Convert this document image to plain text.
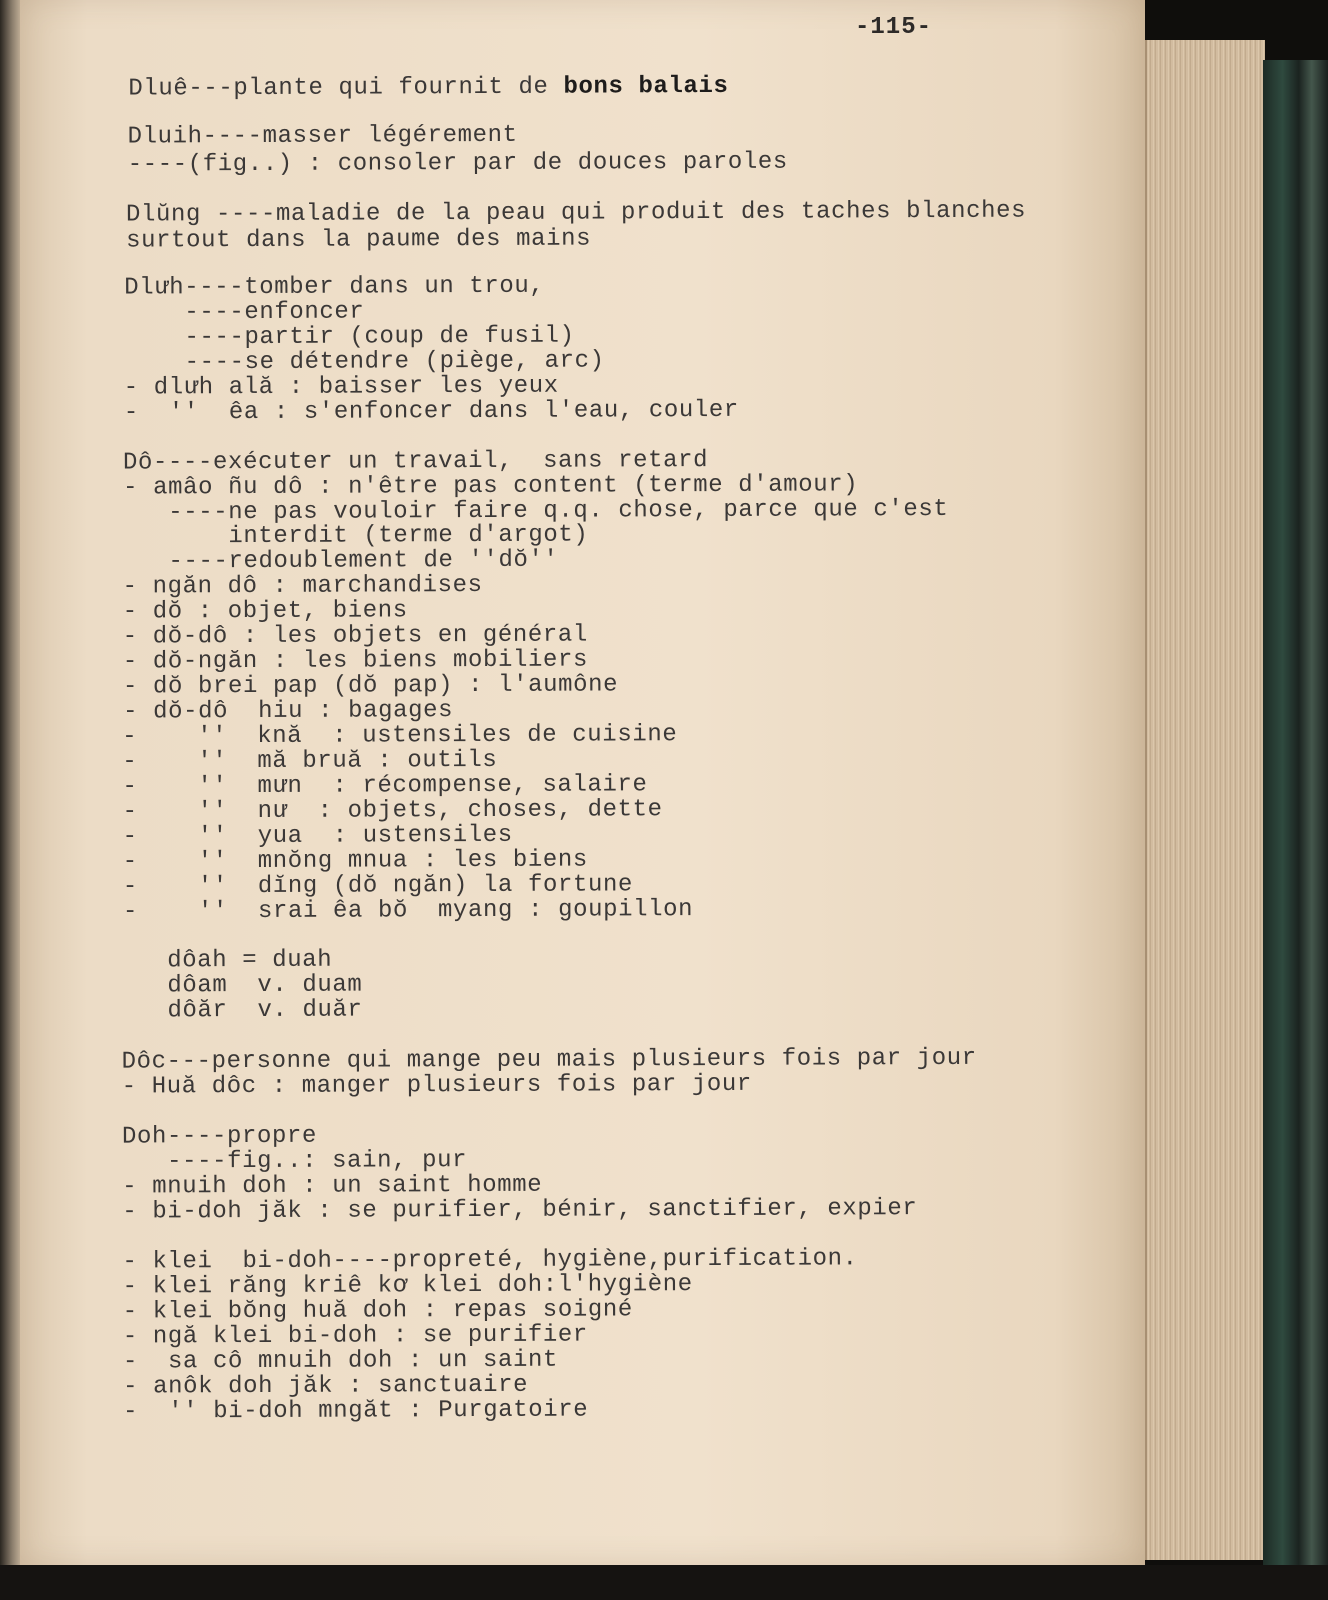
-115-
Dluê---plante qui fournit de bons balais
Dluih----masser légérement
----(fig..) : consoler par de douces paroles
Dlŭng ----maladie de la peau qui produit des taches blanches
surtout dans la paume des mains
Dlưh----tomber dans un trou,
----enfoncer
----partir (coup de fusil)
----se détendre (piège, arc)
- dlưh ală : baisser les yeux
-  ''  êa : s'enfoncer dans l'eau, couler
Dô----exécuter un travail,  sans retard
- amâo ñu dô : n'être pas content (terme d'amour)
----ne pas vouloir faire q.q. chose, parce que c'est
interdit (terme d'argot)
----redoublement de ''dŏ''
- ngăn dô : marchandises
- dŏ : objet, biens
- dŏ-dô : les objets en général
- dŏ-ngăn : les biens mobiliers
- dŏ brei pap (dŏ pap) : l'aumône
- dŏ-dô  hiu : bagages
-    ''  knă  : ustensiles de cuisine
-    ''  mă bruă : outils
-    ''  mưn  : récompense, salaire
-    ''  nư  : objets, choses, dette
-    ''  yua  : ustensiles
-    ''  mnŏng mnua : les biens
-    ''  dĭng (dŏ ngăn) la fortune
-    ''  srai êa bŏ  myang : goupillon
dôah = duah
dôam  v. duam
dôăr  v. duăr
Dôc---personne qui mange peu mais plusieurs fois par jour
- Huă dôc : manger plusieurs fois par jour
Doh----propre
----fig..: sain, pur
- mnuih doh : un saint homme
- bi-doh jăk : se purifier, bénir, sanctifier, expier
- klei  bi-doh----propreté, hygiène,purification.
- klei răng kriê kơ klei doh:l'hygiène
- klei bŏng huă doh : repas soigné
- ngă klei bi-doh : se purifier
-  sa cô mnuih doh : un saint
- anôk doh jăk : sanctuaire
-  '' bi-doh mngăt : Purgatoire
